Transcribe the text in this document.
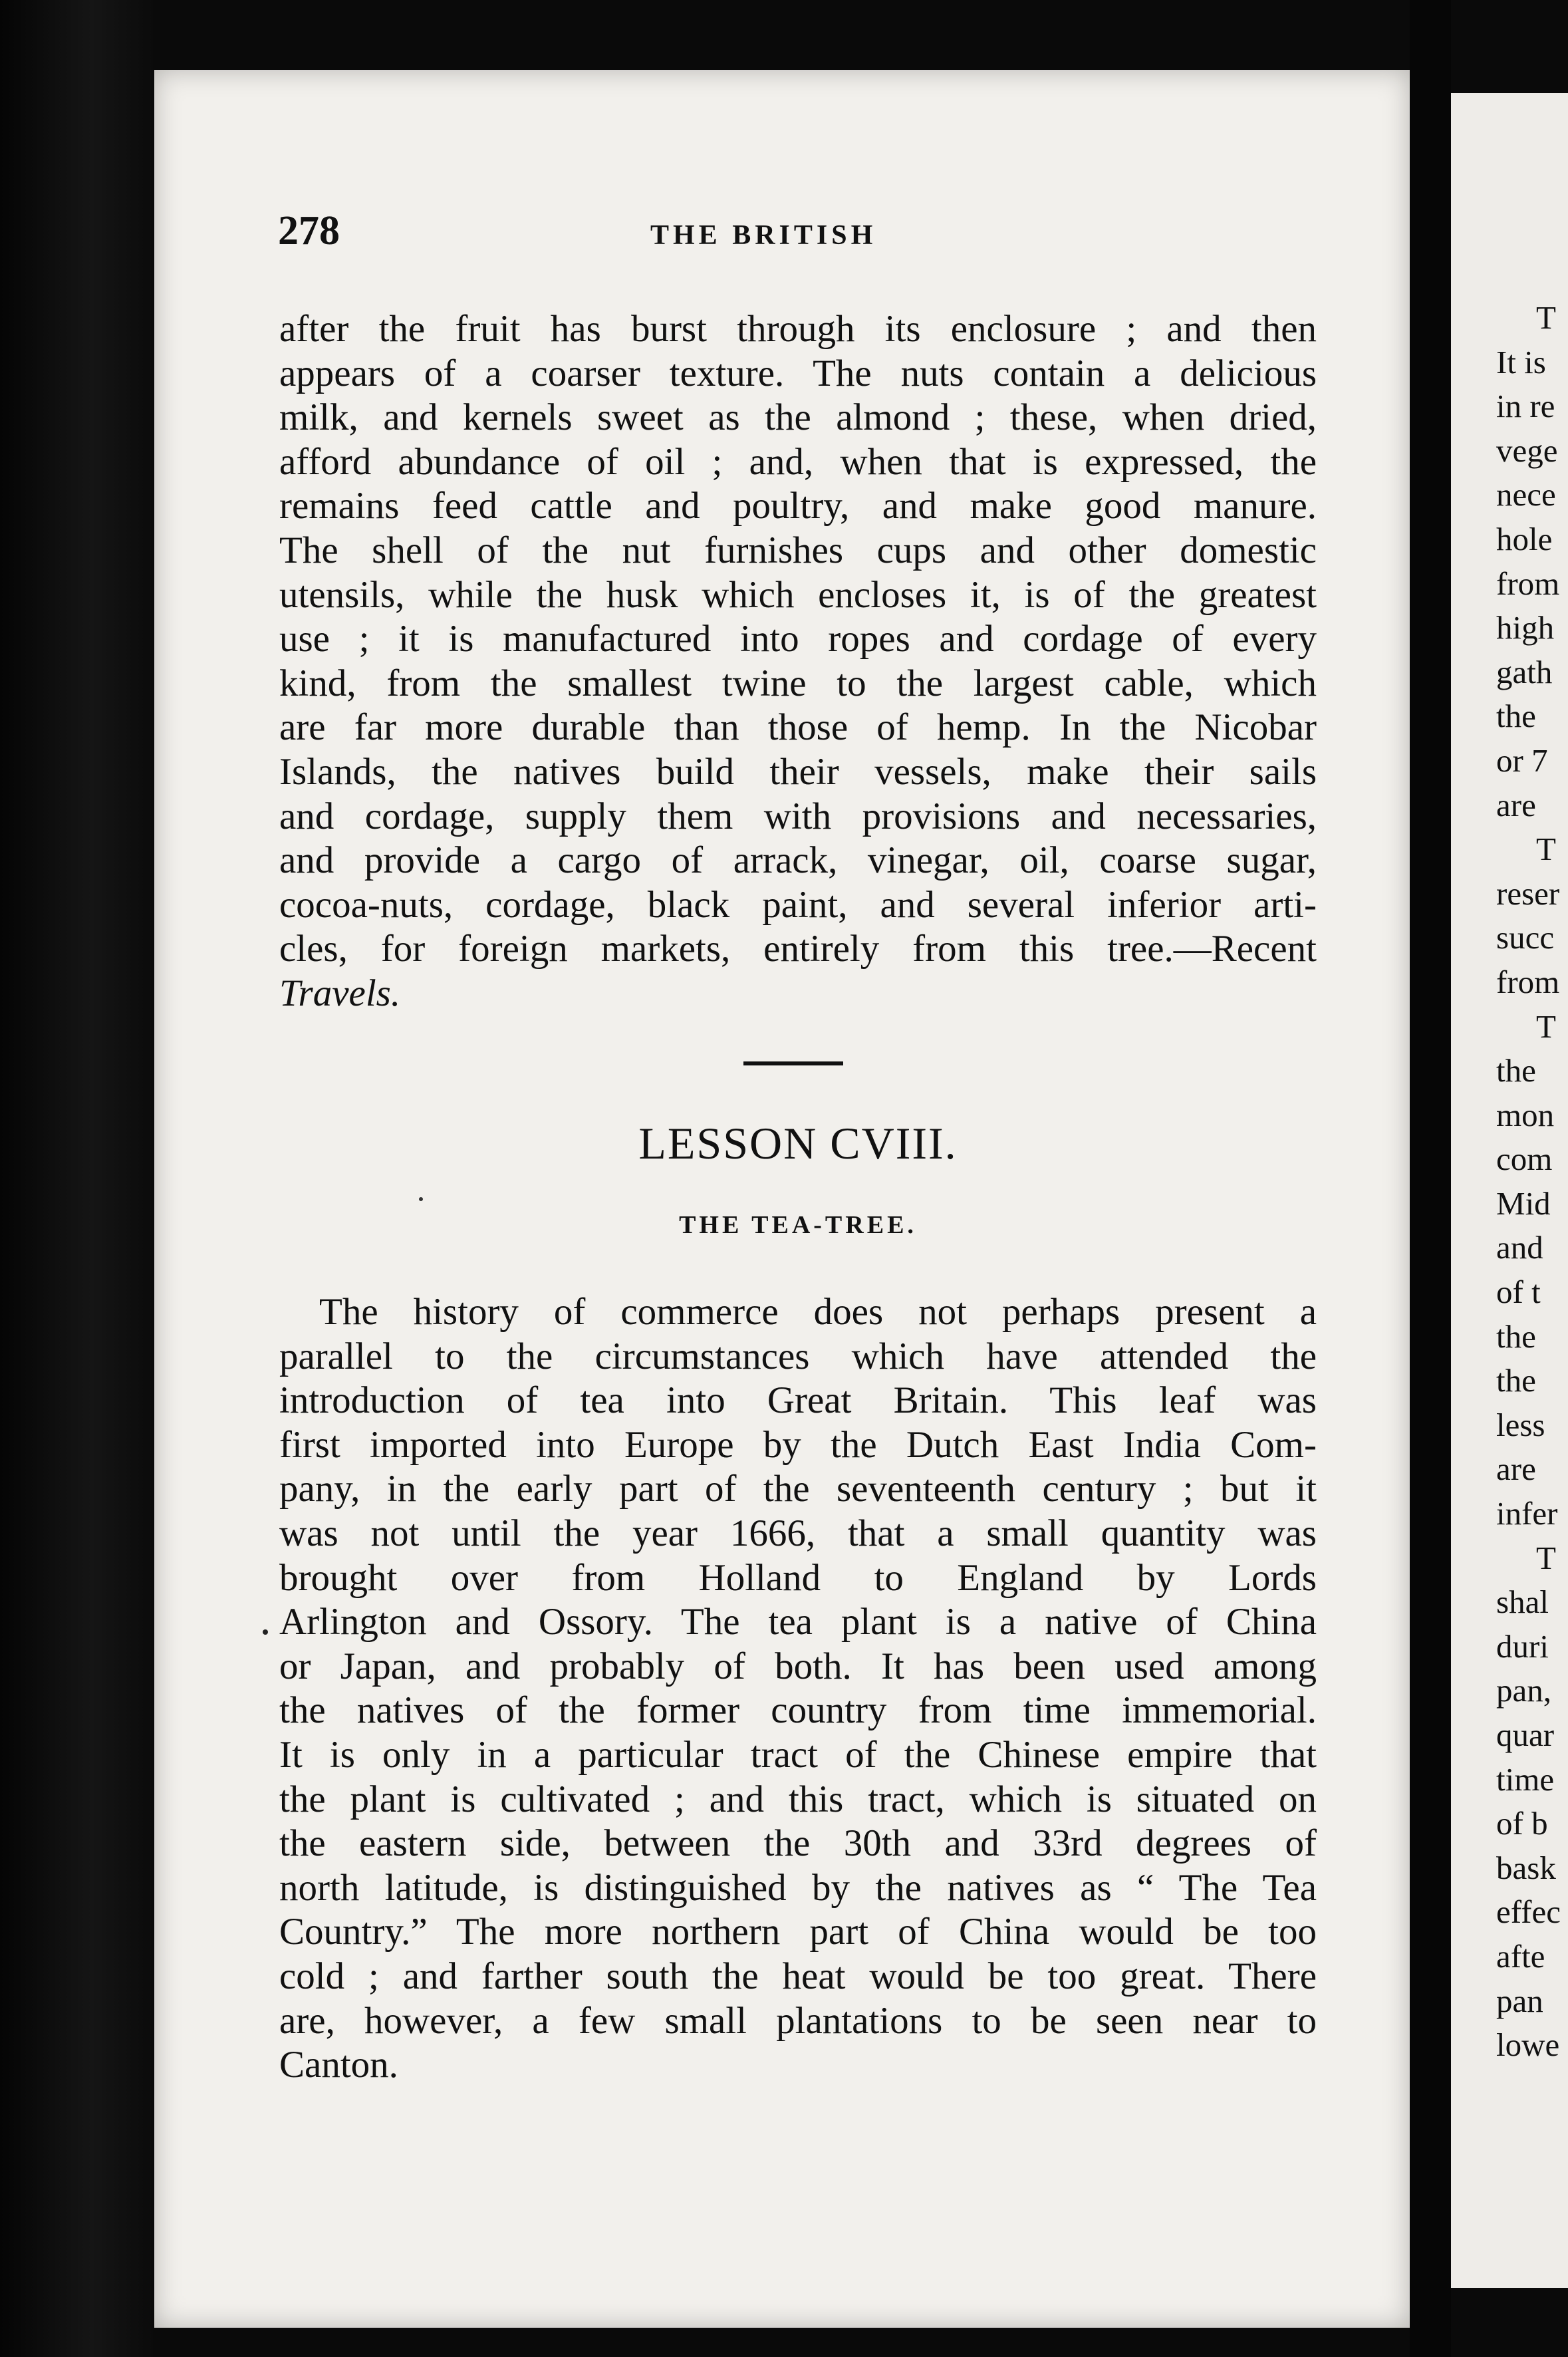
T
It is
in re
vege
nece
hole
from
high
gath
the
or 7
are
T
reser
succ
from
T
the
mon
com
Mid
and
of t
the
the
less
are
infer
T
shal
duri
pan,
quar
time
of b
bask
effec
afte
pan
lowe
278	THE BRITISH
after the fruit has burst through its enclosure ; and then
appears of a coarser texture. The nuts contain a delicious
milk, and kernels sweet as the almond ; these, when dried,
afford abundance of oil ; and, when that is expressed, the
remains feed cattle and poultry, and make good manure.
The shell of the nut furnishes cups and other domestic
utensils, while the husk which encloses it, is of the greatest
use ; it is manufactured into ropes and cordage of every
kind, from the smallest twine to the largest cable, which
are far more durable than those of hemp. In the Nicobar
Islands, the natives build their vessels, make their sails
and cordage, supply them with provisions and necessaries,
and provide a cargo of arrack, vinegar, oil, coarse sugar,
cocoa-nuts, cordage, black paint, and several inferior arti-
cles, for foreign markets, entirely from this tree.—Recent
Travels.
LESSON CVIII.
THE TEA-TREE.
The history of commerce does not perhaps present a
parallel to the circumstances which have attended the
introduction of tea into Great Britain. This leaf was
first imported into Europe by the Dutch East India Com-
pany, in the early part of the seventeenth century ; but it
was not until the year 1666, that a small quantity was
brought over from Holland to England by Lords
Arlington and Ossory. The tea plant is a native of China
or Japan, and probably of both. It has been used among
the natives of the former country from time immemorial.
It is only in a particular tract of the Chinese empire that
the plant is cultivated ; and this tract, which is situated on
the eastern side, between the 30th and 33rd degrees of
north latitude, is distinguished by the natives as “ The Tea
Country.” The more northern part of China would be too
cold ; and farther south the heat would be too great. There
are, however, a few small plantations to be seen near to
Canton.
